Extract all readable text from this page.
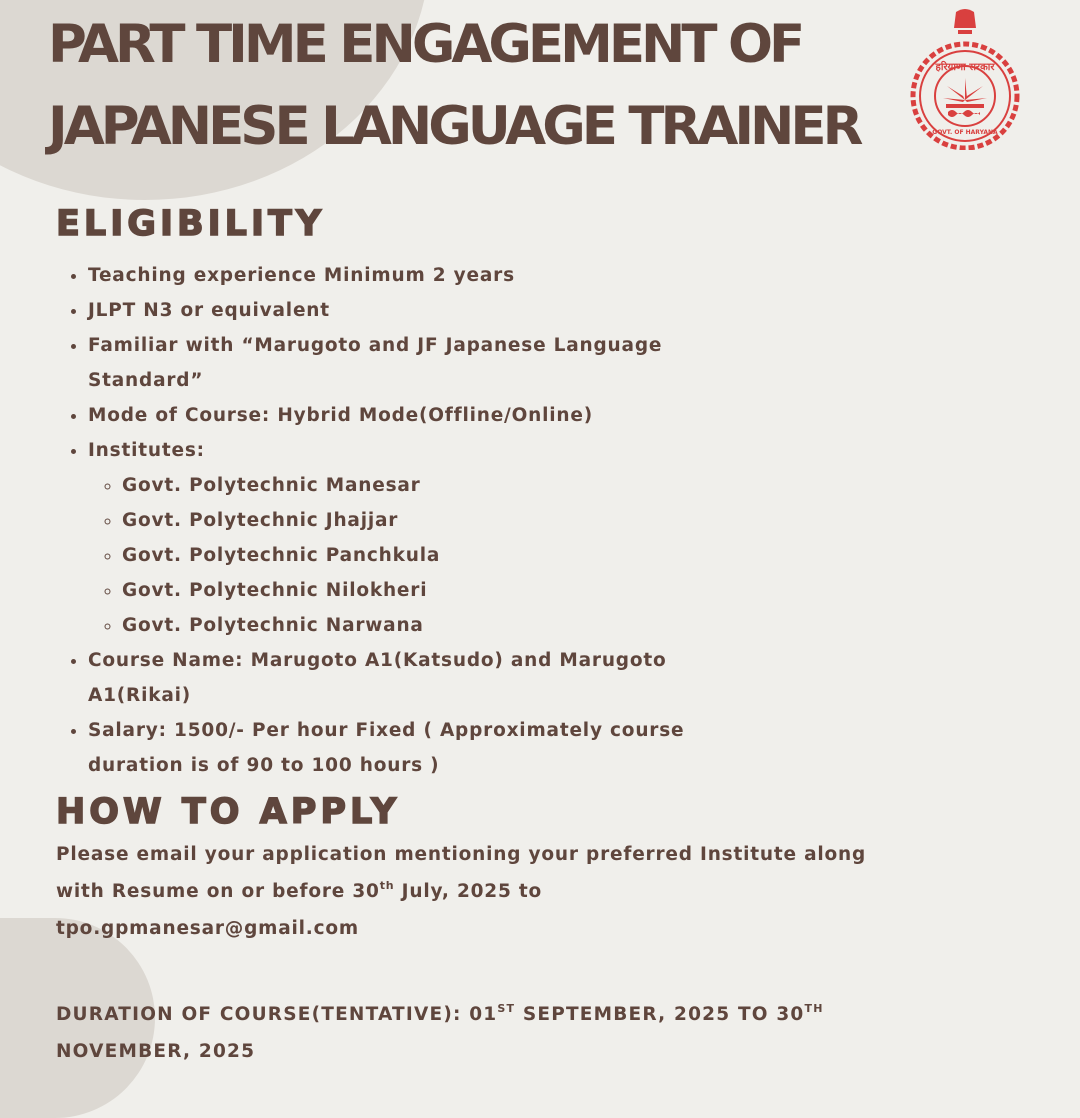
PART TIME ENGAGEMENT OF
JAPANESE LANGUAGE TRAINER
हरियाणा सरकार
GOVT. OF HARYANA
ELIGIBILITY
• Teaching experience Minimum 2 years
• JLPT N3 or equivalent
• Familiar with “Marugoto and JF Japanese Language Standard”
• Mode of Course: Hybrid Mode(Offline/Online)
• Institutes:
◦ Govt. Polytechnic Manesar
◦ Govt. Polytechnic Jhajjar
◦ Govt. Polytechnic Panchkula
◦ Govt. Polytechnic Nilokheri
◦ Govt. Polytechnic Narwana
• Course Name: Marugoto A1(Katsudo) and Marugoto A1(Rikai)
• Salary: 1500/- Per hour Fixed ( Approximately course duration is of 90 to 100 hours )
HOW TO APPLY

Please email your application mentioning your preferred Institute along with Resume on or before 30th July, 2025 to
tpo.gpmanesar@gmail.com

DURATION OF COURSE(TENTATIVE): 01ST SEPTEMBER, 2025 TO 30TH
NOVEMBER, 2025
